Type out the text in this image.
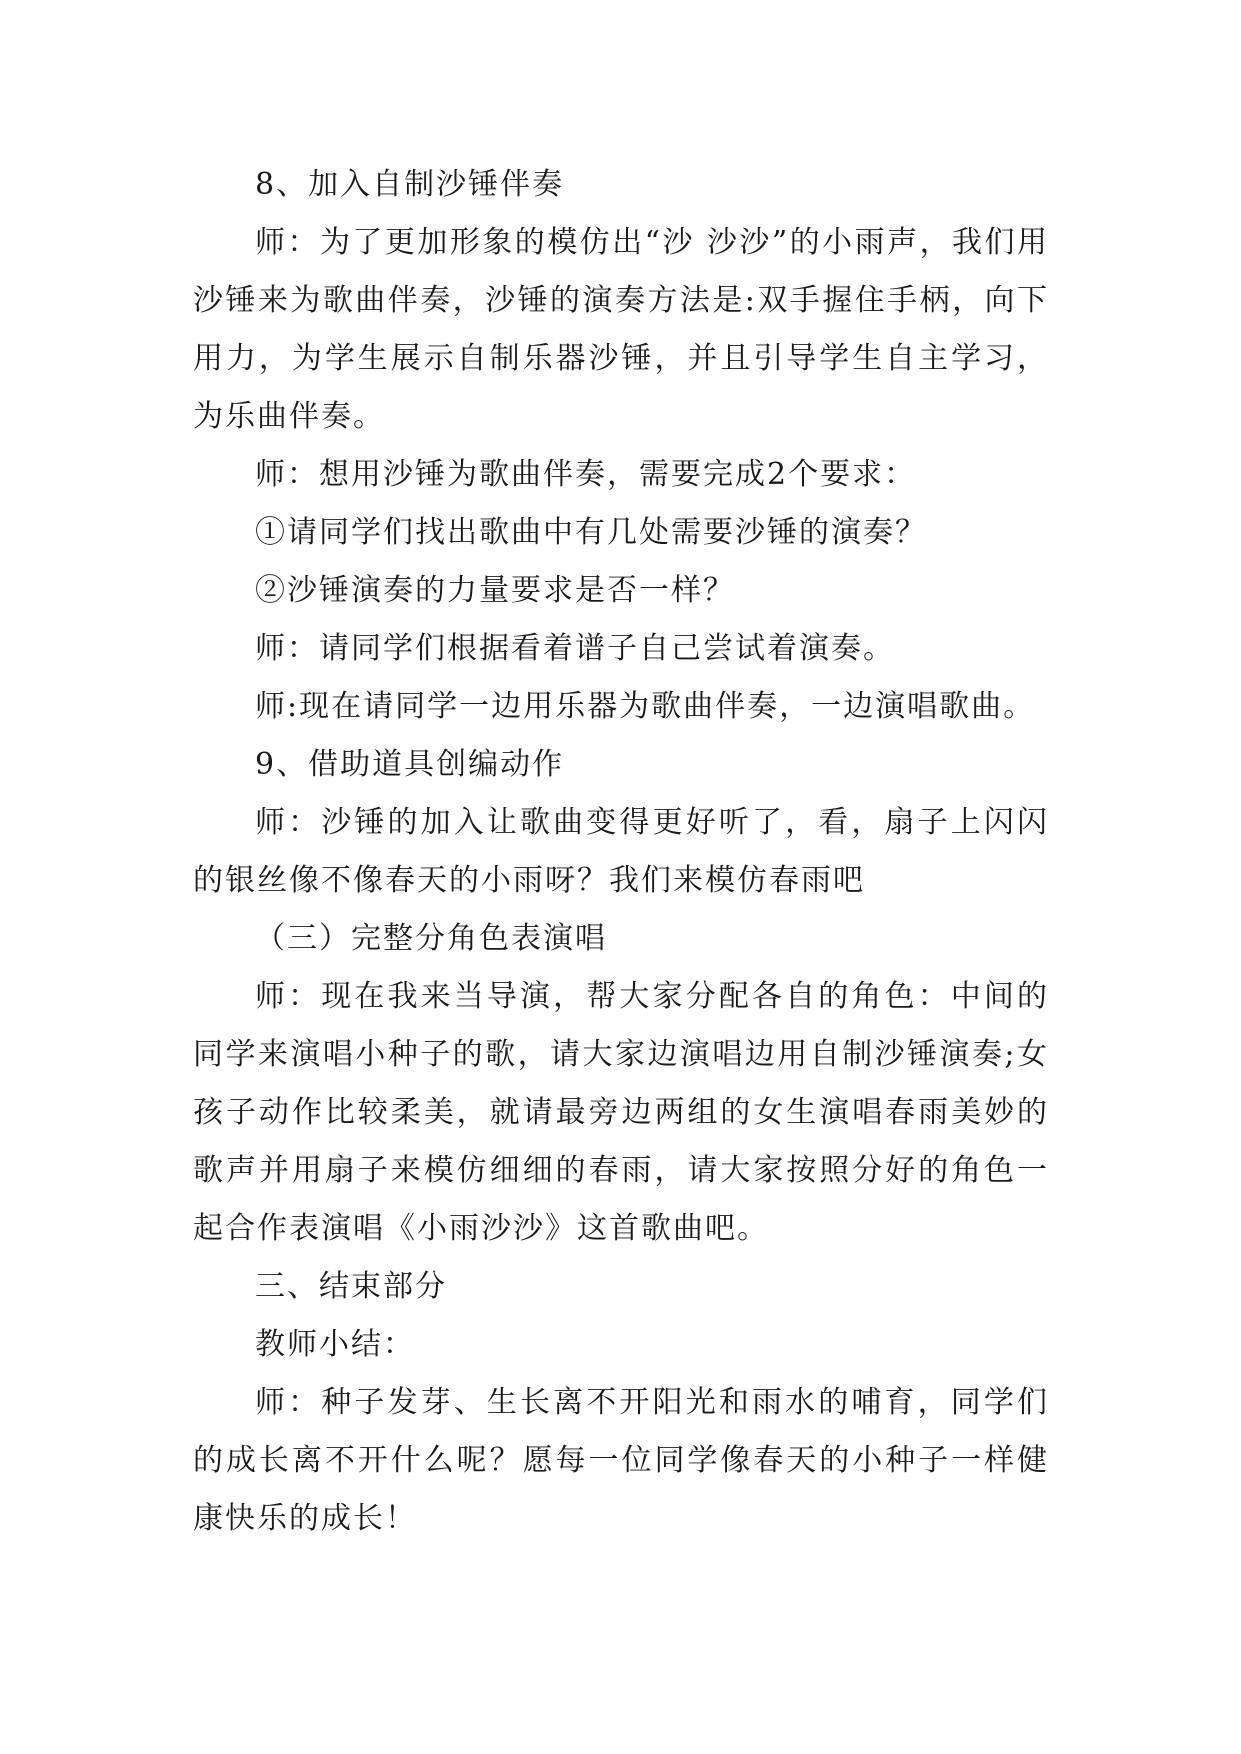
8、加入自制沙锤伴奏

师：为了更加形象的模仿出“沙 沙沙”的小雨声，我们用沙锤来为歌曲伴奏，沙锤的演奏方法是:双手握住手柄，向下用力，为学生展示自制乐器沙锤，并且引导学生自主学习，为乐曲伴奏。

师：想用沙锤为歌曲伴奏，需要完成2个要求：

①请同学们找出歌曲中有几处需要沙锤的演奏？

②沙锤演奏的力量要求是否一样？

师：请同学们根据看着谱子自己尝试着演奏。

师:现在请同学一边用乐器为歌曲伴奏，一边演唱歌曲。

9、借助道具创编动作

师：沙锤的加入让歌曲变得更好听了，看，扇子上闪闪的银丝像不像春天的小雨呀？我们来模仿春雨吧

（三）完整分角色表演唱

师：现在我来当导演，帮大家分配各自的角色：中间的同学来演唱小种子的歌，请大家边演唱边用自制沙锤演奏;女孩子动作比较柔美，就请最旁边两组的女生演唱春雨美妙的歌声并用扇子来模仿细细的春雨，请大家按照分好的角色一起合作表演唱《小雨沙沙》这首歌曲吧。

三、结束部分

教师小结：

师：种子发芽、生长离不开阳光和雨水的哺育，同学们的成长离不开什么呢？愿每一位同学像春天的小种子一样健康快乐的成长！
